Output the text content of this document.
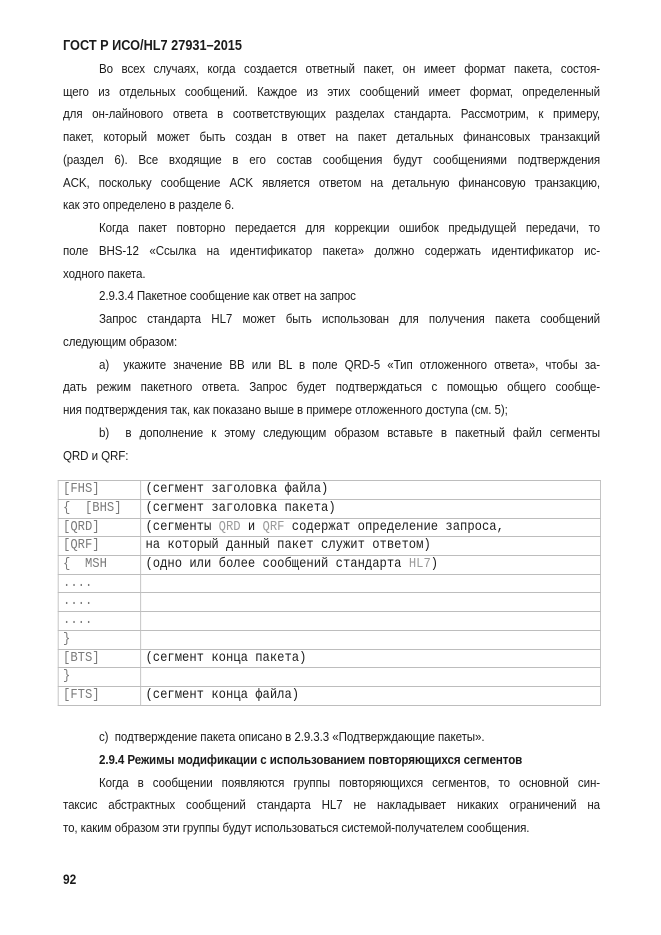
ГОСТ Р ИСО/HL7 27931–2015
Во всех случаях, когда создается ответный пакет, он имеет формат пакета, состоя-
щего из отдельных сообщений. Каждое из этих сообщений имеет формат, определенный
для он-лайнового ответа в соответствующих разделах стандарта. Рассмотрим, к примеру,
пакет, который может быть создан в ответ на пакет детальных финансовых транзакций
(раздел 6). Все входящие в его состав сообщения будут сообщениями подтверждения
ACK, поскольку сообщение ACK является ответом на детальную финансовую транзакцию,
как это определено в разделе 6.
Когда пакет повторно передается для коррекции ошибок предыдущей передачи, то
поле BHS-12 «Ссылка на идентификатор пакета» должно содержать идентификатор ис-
ходного пакета.
2.9.3.4 Пакетное сообщение как ответ на запрос
Запрос стандарта HL7 может быть использован для получения пакета сообщений
следующим образом:
a)  укажите значение BB или BL в поле QRD-5 «Тип отложенного ответа», чтобы за-
дать режим пакетного ответа. Запрос будет подтверждаться с помощью общего сообще-
ния подтверждения так, как показано выше в примере отложенного доступа (см. 5);
b)  в дополнение к этому следующим образом вставьте в пакетный файл сегменты
QRD и QRF:
[FHS]	(сегмент заголовка файла)
{  [BHS]	(сегмент заголовка пакета)
[QRD]	(сегменты QRD и QRF содержат определение запроса,
[QRF]	на который данный пакет служит ответом)
{  MSH	(одно или более сообщений стандарта HL7)
....	
....	
....	
}	
[BTS]	(сегмент конца пакета)
}	
[FTS]	(сегмент конца файла)
c)  подтверждение пакета описано в 2.9.3.3 «Подтверждающие пакеты».
2.9.4 Режимы модификации с использованием повторяющихся сегментов
Когда в сообщении появляются группы повторяющихся сегментов, то основной син-
таксис абстрактных сообщений стандарта HL7 не накладывает никаких ограничений на
то, каким образом эти группы будут использоваться системой-получателем сообщения.
92
